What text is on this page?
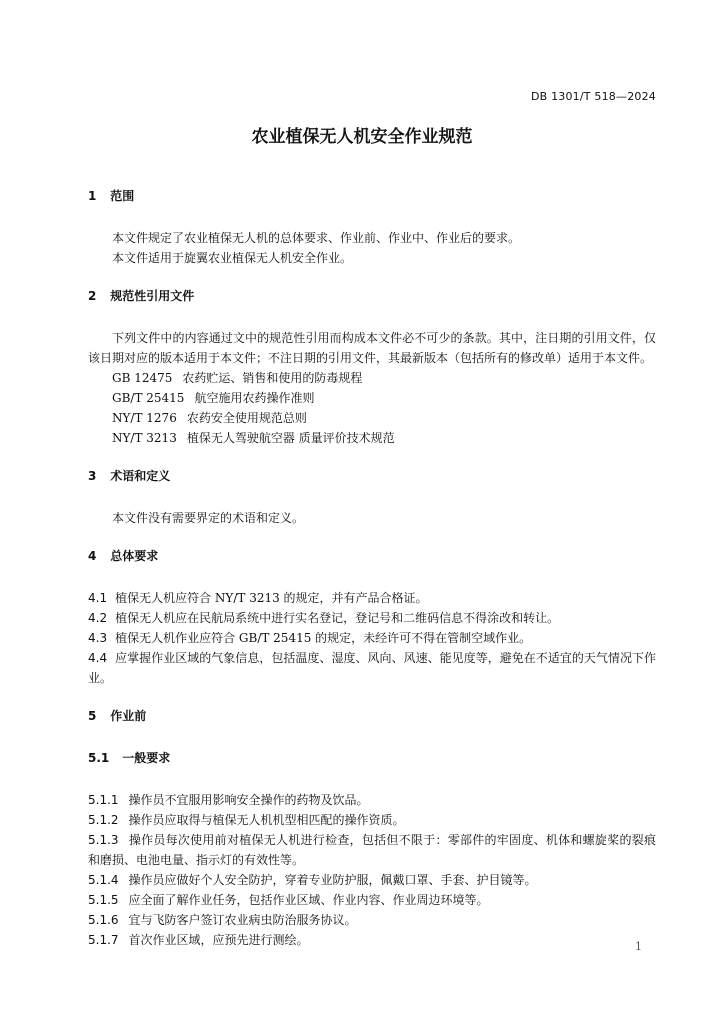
DB 1301/T 518—2024
农业植保无人机安全作业规范
1 范围

本文件规定了农业植保无人机的总体要求、作业前、作业中、作业后的要求。

本文件适用于旋翼农业植保无人机安全作业。

2 规范性引用文件

下列文件中的内容通过文中的规范性引用而构成本文件必不可少的条款。其中，注日期的引用文件，仅该日期对应的版本适用于本文件；不注日期的引用文件，其最新版本（包括所有的修改单）适用于本文件。

GB 12475 农药贮运、销售和使用的防毒规程

GB/T 25415 航空施用农药操作准则

NY/T 1276 农药安全使用规范总则

NY/T 3213 植保无人驾驶航空器 质量评价技术规范

3 术语和定义

本文件没有需要界定的术语和定义。

4 总体要求

4.1 植保无人机应符合 NY/T 3213 的规定，并有产品合格证。

4.2 植保无人机应在民航局系统中进行实名登记，登记号和二维码信息不得涂改和转让。

4.3 植保无人机作业应符合 GB/T 25415 的规定，未经许可不得在管制空域作业。

4.4 应掌握作业区域的气象信息，包括温度、湿度、风向、风速、能见度等，避免在不适宜的天气情况下作业。

5 作业前
5.1 一般要求

5.1.1 操作员不宜服用影响安全操作的药物及饮品。

5.1.2 操作员应取得与植保无人机机型相匹配的操作资质。

5.1.3 操作员每次使用前对植保无人机进行检查，包括但不限于：零部件的牢固度、机体和螺旋桨的裂痕和磨损、电池电量、指示灯的有效性等。

5.1.4 操作员应做好个人安全防护，穿着专业防护服，佩戴口罩、手套、护目镜等。

5.1.5 应全面了解作业任务，包括作业区域、作业内容、作业周边环境等。

5.1.6 宜与飞防客户签订农业病虫防治服务协议。

5.1.7 首次作业区域，应预先进行测绘。	1
